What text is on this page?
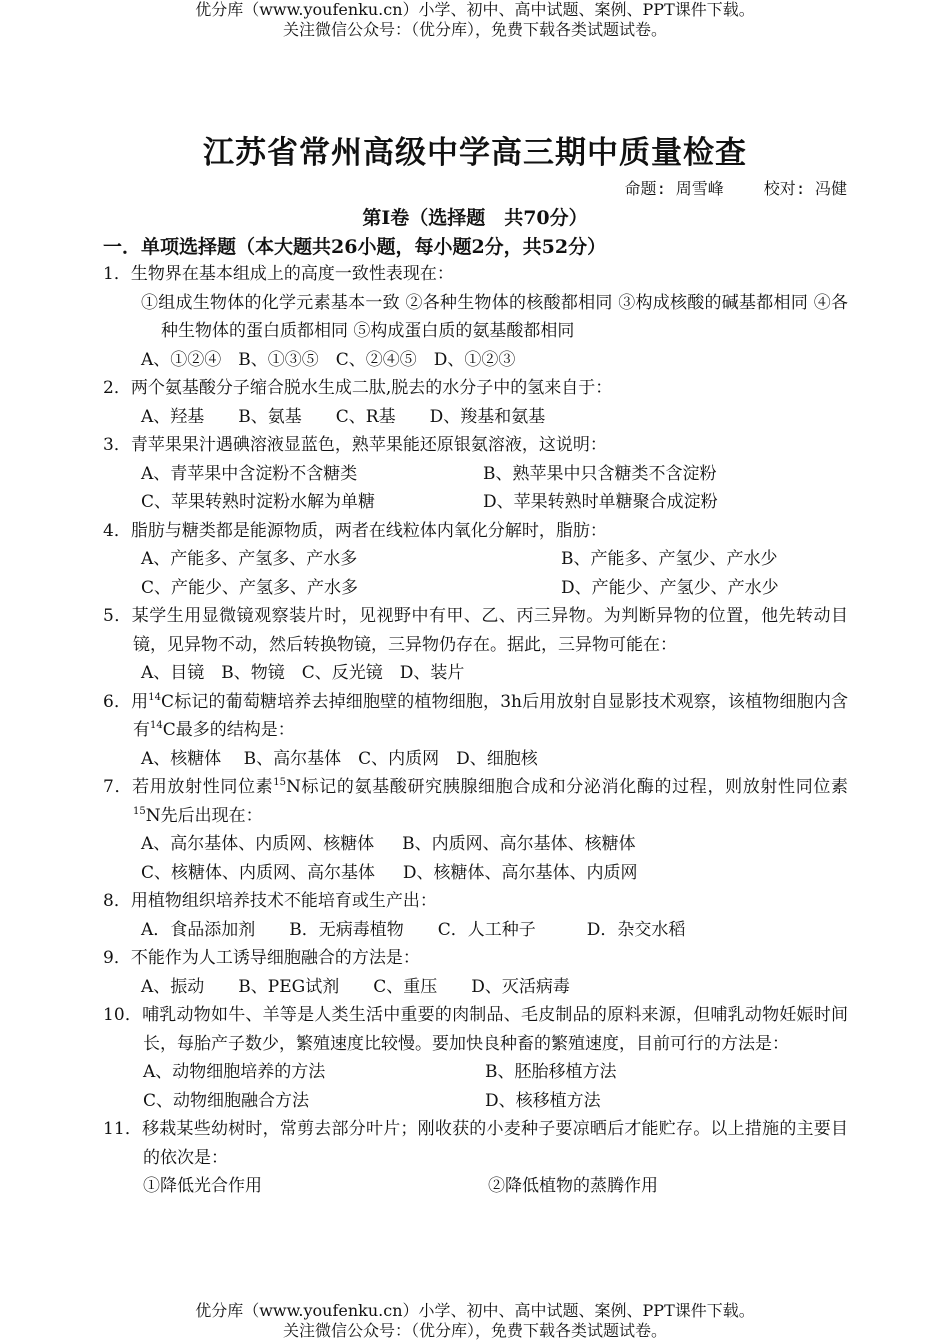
优分库（www.youfenku.cn）小学、初中、高中试题、案例、PPT课件下载。
关注微信公众号：（优分库），免费下载各类试题试卷。
江苏省常州高级中学高三期中质量检查
命题: 周雪峰	校对: 冯健
第Ⅰ卷（选择题　共70分）
一．单项选择题（本大题共26小题，每小题2分，共52分）
1．生物界在基本组成上的高度一致性表现在：
①组成生物体的化学元素基本一致 ②各种生物体的核酸都相同 ③构成核酸的碱基都相同 ④各种生物体的蛋白质都相同 ⑤构成蛋白质的氨基酸都相同
A、①②④　B、①③⑤　C、②④⑤　D、①②③
2．两个氨基酸分子缩合脱水生成二肽,脱去的水分子中的氢来自于：
A、羟基　　B、氨基　　C、R基　　D、羧基和氨基
3．青苹果果汁遇碘溶液显蓝色，熟苹果能还原银氨溶液，这说明：
A、青苹果中含淀粉不含糖类	B、熟苹果中只含糖类不含淀粉
C、苹果转熟时淀粉水解为单糖	D、苹果转熟时单糖聚合成淀粉
4．脂肪与糖类都是能源物质，两者在线粒体内氧化分解时，脂肪：
A、产能多、产氢多、产水多	B、产能多、产氢少、产水少
C、产能少、产氢多、产水多	D、产能少、产氢少、产水少
5．某学生用显微镜观察装片时，见视野中有甲、乙、丙三异物。为判断异物的位置，他先转动目镜，见异物不动，然后转换物镜，三异物仍存在。据此，三异物可能在：
A、目镜　B、物镜　C、反光镜　D、装片
6．用$^{14}$C标记的葡萄糖培养去掉细胞壁的植物细胞，3h后用放射自显影技术观察，该植物细胞内含有$^{14}$C最多的结构是：
A、核糖体　 B、高尔基体　C、内质网　D、细胞核
7．若用放射性同位素$^{15}$N标记的氨基酸研究胰腺细胞合成和分泌消化酶的过程，则放射性同位素$^{15}$N先后出现在：
A、高尔基体、内质网、核糖体　  B、内质网、高尔基体、核糖体
C、核糖体、内质网、高尔基体　  D、核糖体、高尔基体、内质网
8．用植物组织培养技术不能培育或生产出：
A．食品添加剂　　B．无病毒植物　　C．人工种子　　　D．杂交水稻
9．不能作为人工诱导细胞融合的方法是：
A、振动　　B、PEG试剂　　C、重压　　D、灭活病毒
10．哺乳动物如牛、羊等是人类生活中重要的肉制品、毛皮制品的原料来源，但哺乳动物妊娠时间长，每胎产子数少，繁殖速度比较慢。要加快良种畜的繁殖速度，目前可行的方法是：
A、动物细胞培养的方法	B、胚胎移植方法
C、动物细胞融合方法	D、核移植方法
11．移栽某些幼树时，常剪去部分叶片；刚收获的小麦种子要凉晒后才能贮存。以上措施的主要目的依次是：
①降低光合作用	②降低植物的蒸腾作用
优分库（www.youfenku.cn）小学、初中、高中试题、案例、PPT课件下载。
关注微信公众号：（优分库），免费下载各类试题试卷。
